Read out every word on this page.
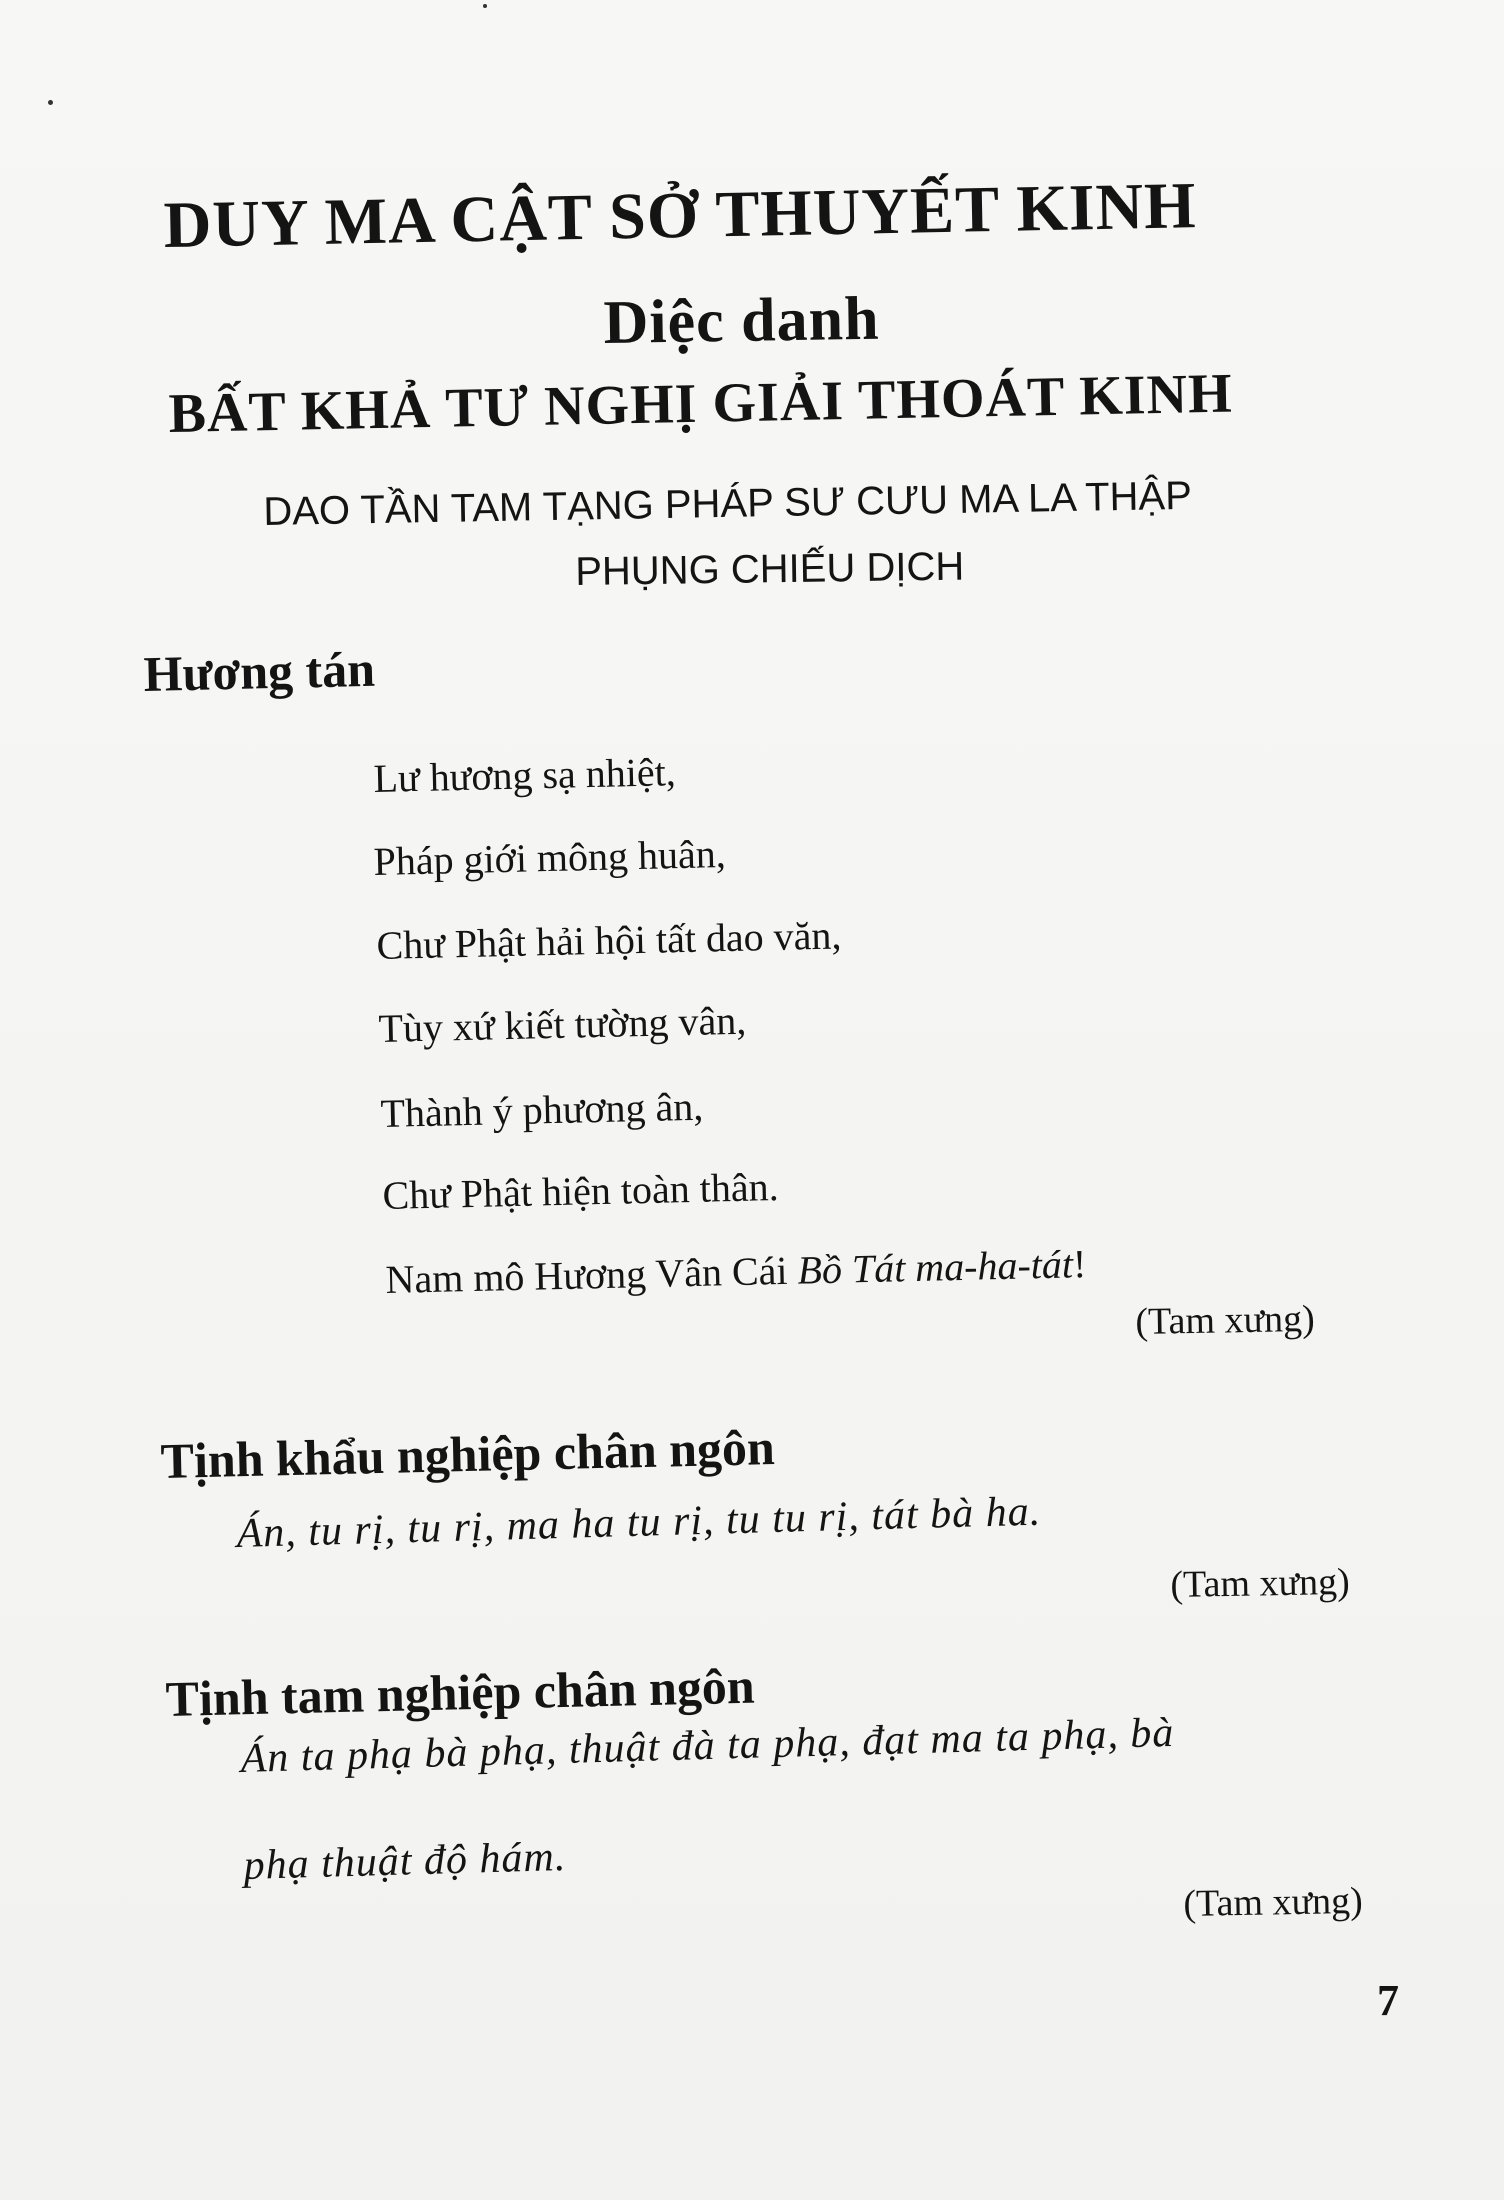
DUY MA CẬT SỞ THUYẾT KINH
Diệc danh
BẤT KHẢ TƯ NGHỊ GIẢI THOÁT KINH
DAO TẦN TAM TẠNG PHÁP SƯ CƯU MA LA THẬP
PHỤNG CHIẾU DỊCH
Hương tán
Lư hương sạ nhiệt,
Pháp giới mông huân,
Chư Phật hải hội tất dao văn,
Tùy xứ kiết tường vân,
Thành ý phương ân,
Chư Phật hiện toàn thân.
Nam mô Hương Vân Cái Bồ Tát ma-ha-tát!
(Tam xưng)
Tịnh khẩu nghiệp chân ngôn
Án, tu rị, tu rị, ma ha tu rị, tu tu rị, tát bà ha.
(Tam xưng)
Tịnh tam nghiệp chân ngôn
Án ta phạ bà phạ, thuật đà ta phạ, đạt ma ta phạ, bà
phạ thuật độ hám.
(Tam xưng)
7
